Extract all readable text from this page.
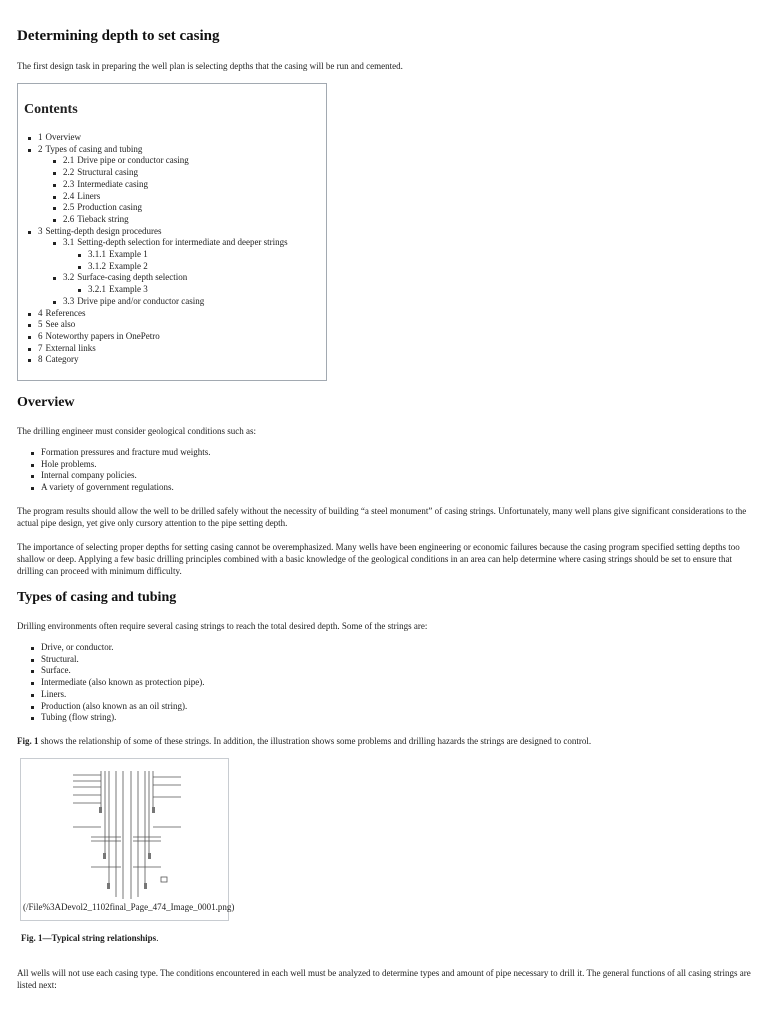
Determining depth to set casing

The first design task in preparing the well plan is selecting depths that the casing will be run and cemented.

Contents

1 Overview
2 Types of casing and tubing
2.1 Drive pipe or conductor casing
2.2 Structural casing
2.3 Intermediate casing
2.4 Liners
2.5 Production casing
2.6 Tieback string
3 Setting-depth design procedures
3.1 Setting-depth selection for intermediate and deeper strings
3.1.1 Example 1
3.1.2 Example 2
3.2 Surface-casing depth selection
3.2.1 Example 3
3.3 Drive pipe and/or conductor casing
4 References
5 See also
6 Noteworthy papers in OnePetro
7 External links
8 Category
Overview

The drilling engineer must consider geological conditions such as:

Formation pressures and fracture mud weights.
Hole problems.
Internal company policies.
A variety of government regulations.

The program results should allow the well to be drilled safely without the necessity of building “a steel monument” of casing strings. Unfortunately, many well plans give significant considerations to the actual pipe design, yet give only cursory attention to the pipe setting depth.

The importance of selecting proper depths for setting casing cannot be overemphasized. Many wells have been engineering or economic failures because the casing program specified setting depths too shallow or deep. Applying a few basic drilling principles combined with a basic knowledge of the geological conditions in an area can help determine where casing strings should be set to ensure that drilling can proceed with minimum difficulty.

Types of casing and tubing

Drilling environments often require several casing strings to reach the total desired depth. Some of the strings are:

Drive, or conductor.
Structural.
Surface.
Intermediate (also known as protection pipe).
Liners.
Production (also known as an oil string).
Tubing (flow string).

Fig. 1 shows the relationship of some of these strings. In addition, the illustration shows some problems and drilling hazards the strings are designed to control.

(/File%3ADevol2_1102final_Page_474_Image_0001.png)

Fig. 1—Typical string relationships.

All wells will not use each casing type. The conditions encountered in each well must be analyzed to determine types and amount of pipe necessary to drill it. The general functions of all casing strings are listed next:
